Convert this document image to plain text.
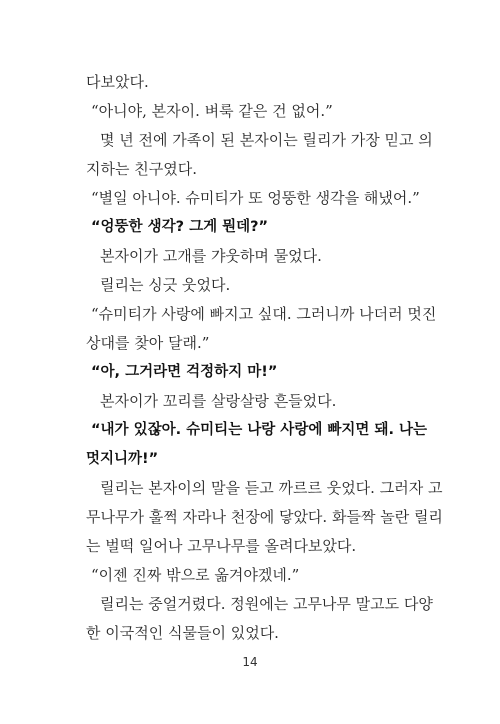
다보았다.
“아니야, 본자이. 벼룩 같은 건 없어.”
몇 년 전에 가족이 된 본자이는 릴리가 가장 믿고 의
지하는 친구였다.
“별일 아니야. 슈미티가 또 엉뚱한 생각을 해냈어.”
“엉뚱한 생각? 그게 뭔데?”
본자이가 고개를 갸웃하며 물었다.
릴리는 싱긋 웃었다.
“슈미티가 사랑에 빠지고 싶대. 그러니까 나더러 멋진
상대를 찾아 달래.”
“아, 그거라면 걱정하지 마!”
본자이가 꼬리를 살랑살랑 흔들었다.
“내가 있잖아. 슈미티는 나랑 사랑에 빠지면 돼. 나는
멋지니까!”
릴리는 본자이의 말을 듣고 까르르 웃었다. 그러자 고
무나무가 훌쩍 자라나 천장에 닿았다. 화들짝 놀란 릴리
는 벌떡 일어나 고무나무를 올려다보았다.
“이젠 진짜 밖으로 옮겨야겠네.”
릴리는 중얼거렸다. 정원에는 고무나무 말고도 다양
한 이국적인 식물들이 있었다.
14
